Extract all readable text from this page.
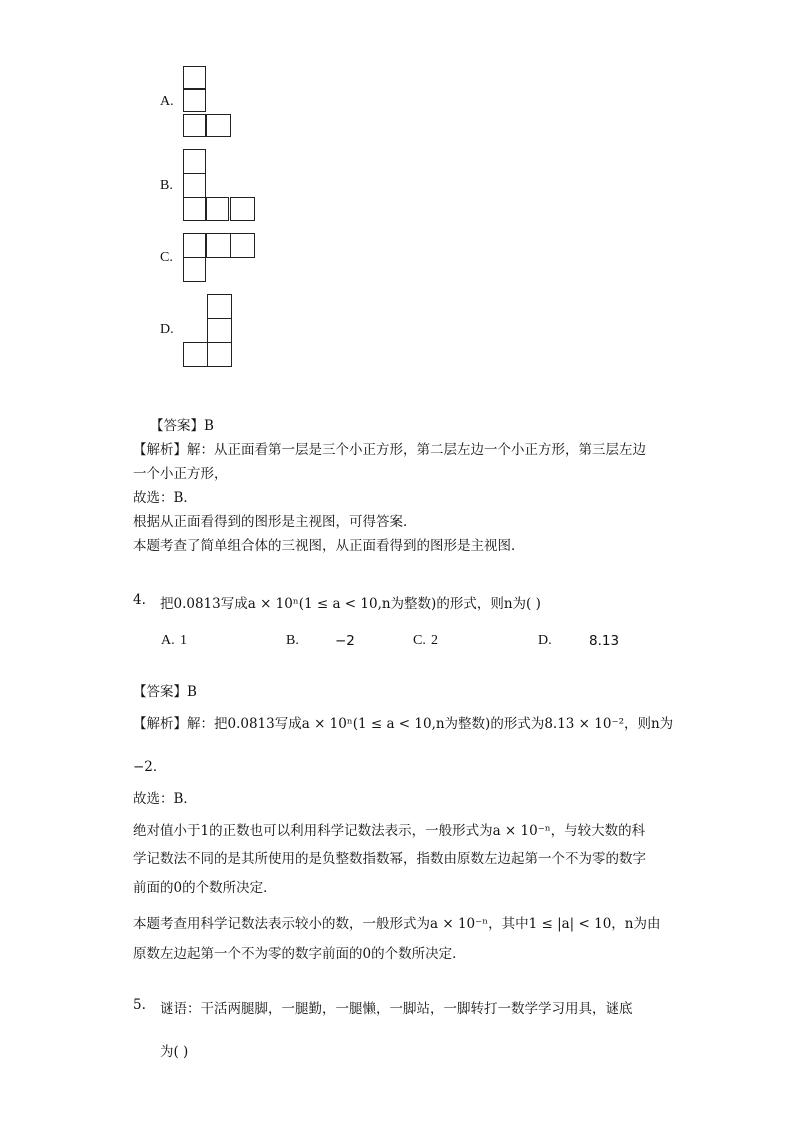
A.
B.
C.
D.
【答案】B
【解析】解：从正面看第一层是三个小正方形，第二层左边一个小正方形，第三层左边
一个小正方形，
故选：B．
根据从正面看得到的图形是主视图，可得答案．
本题考查了简单组合体的三视图，从正面看得到的图形是主视图．
4. 把0.0813写成a × 10ⁿ(1 ≤ a < 10,n为整数)的形式，则n为( )
A. 1	B.	−2	C. 2	D.	8.13
【答案】B
【解析】解：把0.0813写成a × 10ⁿ(1 ≤ a < 10,n为整数)的形式为8.13 × 10⁻²，则n为
−2．
故选：B．
绝对值小于1的正数也可以利用科学记数法表示，一般形式为a × 10⁻ⁿ，与较大数的科
学记数法不同的是其所使用的是负整数指数幂，指数由原数左边起第一个不为零的数字
前面的0的个数所决定．
本题考查用科学记数法表示较小的数，一般形式为a × 10⁻ⁿ，其中1 ≤ |a| < 10，n为由
原数左边起第一个不为零的数字前面的0的个数所决定．
5. 谜语：干活两腿脚，一腿勤，一腿懒，一脚站，一脚转打一数学学习用具，谜底
为( )
